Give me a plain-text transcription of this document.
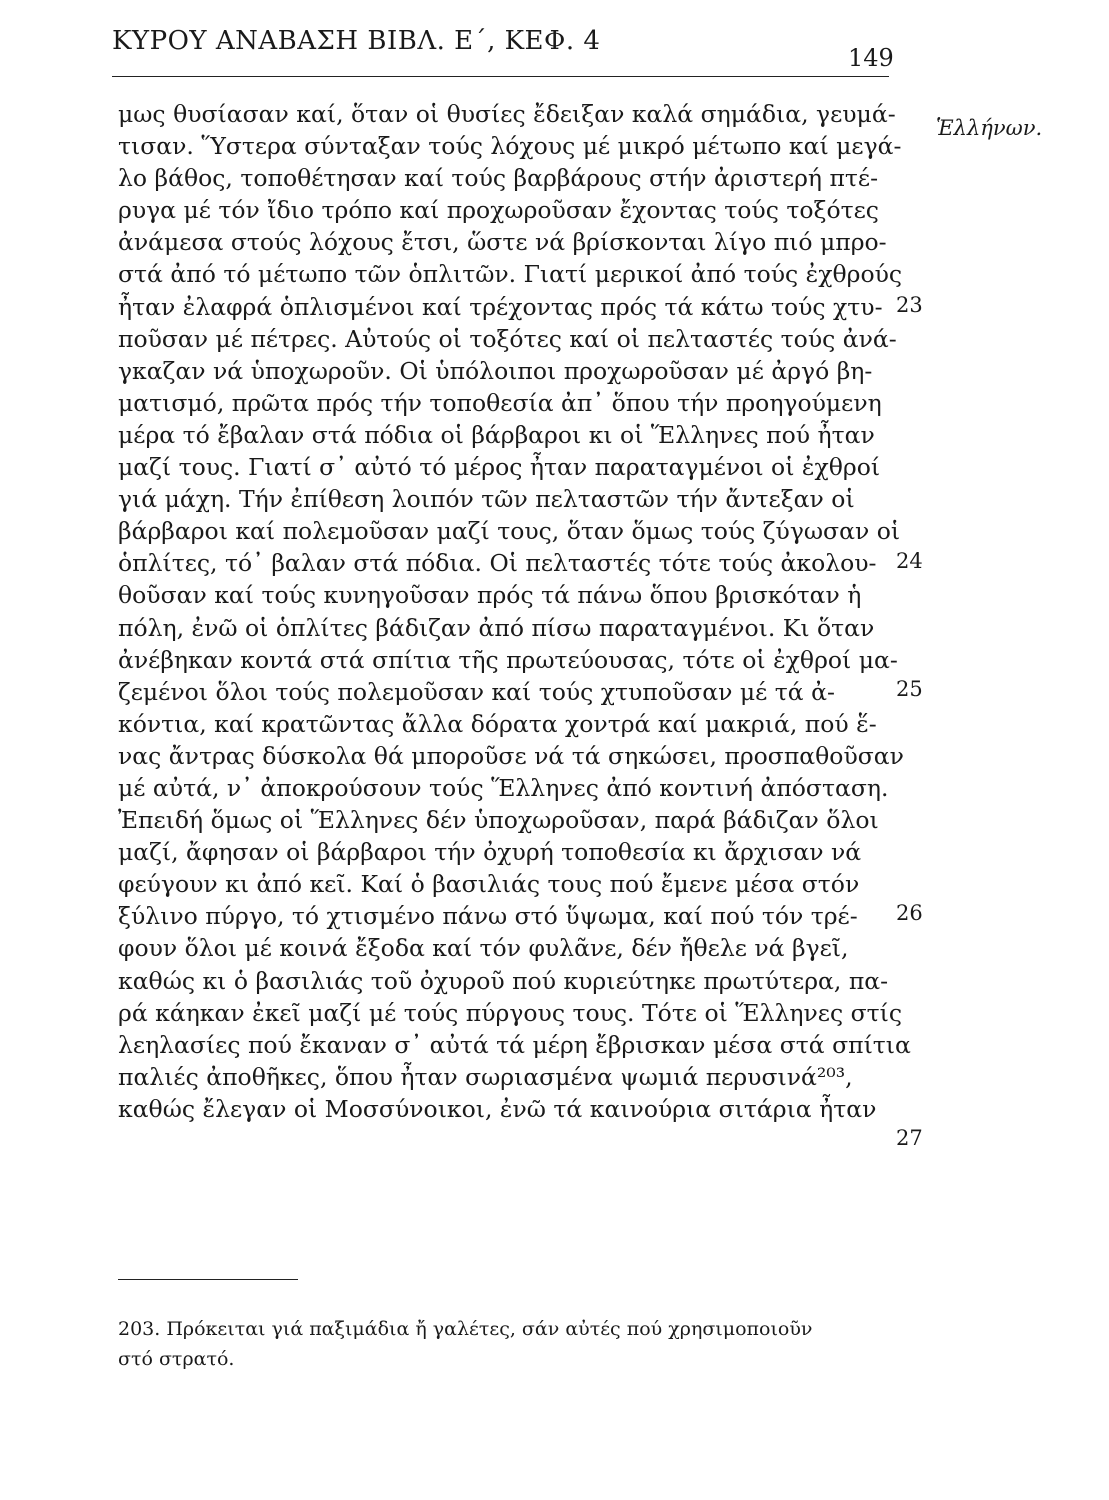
ΚΥΡΟΥ ΑΝΑΒΑΣΗ ΒΙΒΛ. Ε΄, ΚΕΦ. 4
149
μως θυσίασαν καί, ὅταν οἱ θυσίες ἔδειξαν καλά σημάδια, γευμά-
τισαν. Ὕστερα σύνταξαν τούς λόχους μέ μικρό μέτωπο καί μεγά-
λο βάθος, τοποθέτησαν καί τούς βαρβάρους στήν ἀριστερή πτέ-
ρυγα μέ τόν ἴδιο τρόπο καί προχωροῦσαν ἔχοντας τούς τοξότες
ἀνάμεσα στούς λόχους ἔτσι, ὥστε νά βρίσκονται λίγο πιό μπρο-
στά ἀπό τό μέτωπο τῶν ὁπλιτῶν. Γιατί μερικοί ἀπό τούς ἐχθρούς
ἦταν ἐλαφρά ὁπλισμένοι καί τρέχοντας πρός τά κάτω τούς χτυ-
ποῦσαν μέ πέτρες. Αὐτούς οἱ τοξότες καί οἱ πελταστές τούς ἀνά-
γκαζαν νά ὑποχωροῦν. Οἱ ὑπόλοιποι προχωροῦσαν μέ ἀργό βη-
ματισμό, πρῶτα πρός τήν τοποθεσία ἀπ᾿ ὅπου τήν προηγούμενη
μέρα τό ἔβαλαν στά πόδια οἱ βάρβαροι κι οἱ Ἕλληνες πού ἦταν
μαζί τους. Γιατί σ᾿ αὐτό τό μέρος ἦταν παραταγμένοι οἱ ἐχθροί
γιά μάχη. Τήν ἐπίθεση λοιπόν τῶν πελταστῶν τήν ἄντεξαν οἱ
βάρβαροι καί πολεμοῦσαν μαζί τους, ὅταν ὅμως τούς ζύγωσαν οἱ
ὁπλίτες, τό᾿ βαλαν στά πόδια. Οἱ πελταστές τότε τούς ἀκολου-
θοῦσαν καί τούς κυνηγοῦσαν πρός τά πάνω ὅπου βρισκόταν ἡ
πόλη, ἐνῶ οἱ ὁπλίτες βάδιζαν ἀπό πίσω παραταγμένοι. Κι ὅταν
ἀνέβηκαν κοντά στά σπίτια τῆς πρωτεύουσας, τότε οἱ ἐχθροί μα-
ζεμένοι ὅλοι τούς πολεμοῦσαν καί τούς χτυποῦσαν μέ τά ἀ-
κόντια, καί κρατῶντας ἄλλα δόρατα χοντρά καί μακριά, πού ἕ-
νας ἄντρας δύσκολα θά μποροῦσε νά τά σηκώσει, προσπαθοῦσαν
μέ αὐτά, ν᾿ ἀποκρούσουν τούς Ἕλληνες ἀπό κοντινή ἀπόσταση.
Ἐπειδή ὅμως οἱ Ἕλληνες δέν ὑποχωροῦσαν, παρά βάδιζαν ὅλοι
μαζί, ἄφησαν οἱ βάρβαροι τήν ὀχυρή τοποθεσία κι ἄρχισαν νά
φεύγουν κι ἀπό κεῖ. Καί ὁ βασιλιάς τους πού ἔμενε μέσα στόν
ξύλινο πύργο, τό χτισμένο πάνω στό ὕψωμα, καί πού τόν τρέ-
φουν ὅλοι μέ κοινά ἔξοδα καί τόν φυλᾶνε, δέν ἤθελε νά βγεῖ,
καθώς κι ὁ βασιλιάς τοῦ ὀχυροῦ πού κυριεύτηκε πρωτύτερα, πα-
ρά κάηκαν ἐκεῖ μαζί μέ τούς πύργους τους. Τότε οἱ Ἕλληνες στίς
λεηλασίες πού ἔκαναν σ᾿ αὐτά τά μέρη ἔβρισκαν μέσα στά σπίτια
παλιές ἀποθῆκες, ὅπου ἦταν σωριασμένα ψωμιά περυσινά²⁰³,
καθώς ἔλεγαν οἱ Μοσσύνοικοι, ἐνῶ τά καινούρια σιτάρια ἦταν
Ἑλλήνων.
23
24
25
26
27
203. Πρόκειται γιά παξιμάδια ἤ γαλέτες, σάν αὐτές πού χρησιμοποιοῦν
στό στρατό.
